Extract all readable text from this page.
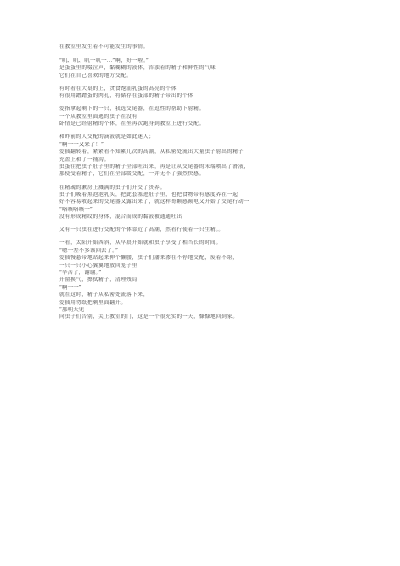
在教室里发生着不可能发生的事情。
“叽、叽、叽一叽一…”啊，好一啦。”
是蛋蛋里的啜泣声，黏糊糊的液体，浑浊着的精子和鲜性的气味
它们在自己喜欢的地方交配。
有时看在大桌的上，贪食饱汕乳蛋的高亮的个体
有很用蹭蹭蛋的肉孔，将储存在蛋部的精子带出的个体
爱指拿起剩下的一只，我选交尾器，在逗性的帮助下射精。
一个从教室里面逃的虫子在没有
卧情是已经射精的个体，在坐再次跑身到教室上进行交配。
和昨前的人交配的滴液就是如此迷人；
“啊一一又来了！”
爱插翻转着，紧紧看不知累几次的高潮，从私密处流出大量虫子射出的精子
充盈上和了一捅沟。
虫蛋往把虫子肚子里的精子全部吐出来，再是让从交尾器的末端喷出了滑液，
那使受着精子，它们在全部缓交配，一并无不了强烈快感。
在精魂的漱房上溅满的虫子们开交了贵养。
虫子们吸着黑泡泡乳头，把此套塞进肚子里，也把食物带有感度养在一起
好不容易收起来的交尾器又露出来了，就这样哥颗感颠电又开始了交尾行动一
“咯咳咯咳一”
没有形成精纹的身体，混合而成的黏液被通通吐出
又有一只虫在进行交配的个体靠近了高潮，然看行使着一只生精。。
一看，太阳开始西斜，从早晨开始就和虫子享受了相当长的时间。
“嗯一差不多该回去了。”
爱插慢悬带地站起来伸个懒腰，虫子们潘来渗在不停地交配，废着不堪，
一只一只小心翼翼地放回笼子里
“辛苦了，谢谢。”
开窗换气，擦拭精子，清理残局
“啊一一”
就在这时，精子从私密处流落下来，
爱插用勿纸把剩里面翻开。
“那明天见
向虫子们告别，关上教室的门，这是一个很充实的一天，慷慷地回到家。
